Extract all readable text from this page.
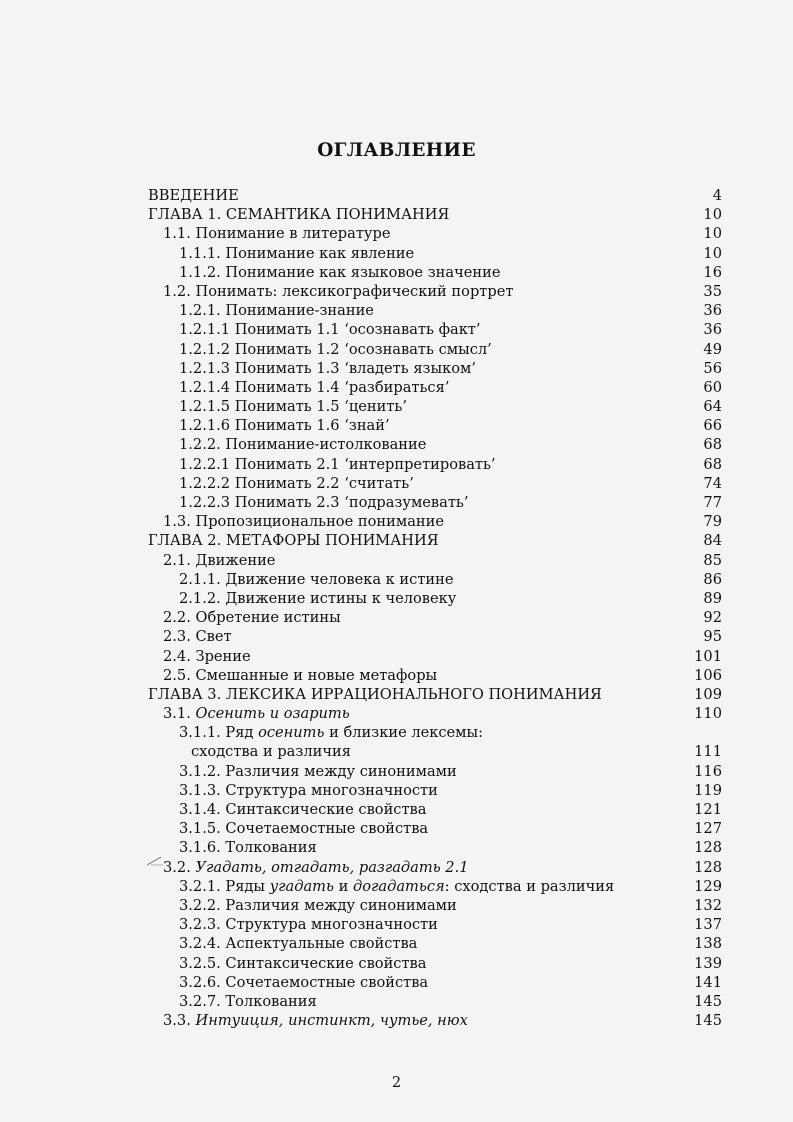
ОГЛАВЛЕНИЕ
ВВЕДЕНИЕ	4
ГЛАВА 1. СЕМАНТИКА ПОНИМАНИЯ	10
1.1. Понимание в литературе	10
1.1.1. Понимание как явление	10
1.1.2. Понимание как языковое значение	16
1.2. Понимать: лексикографический портрет	35
1.2.1. Понимание-знание	36
1.2.1.1 Понимать 1.1 ‘осознавать факт’	36
1.2.1.2 Понимать 1.2 ‘осознавать смысл’	49
1.2.1.3 Понимать 1.3 ‘владеть языком’	56
1.2.1.4 Понимать 1.4 ‘разбираться’	60
1.2.1.5 Понимать 1.5 ‘ценить’	64
1.2.1.6 Понимать 1.6 ‘знай’	66
1.2.2. Понимание-истолкование	68
1.2.2.1 Понимать 2.1 ‘интерпретировать’	68
1.2.2.2 Понимать 2.2 ‘считать’	74
1.2.2.3 Понимать 2.3 ‘подразумевать’	77
1.3. Пропозициональное понимание	79
ГЛАВА 2. МЕТАФОРЫ ПОНИМАНИЯ	84
2.1. Движение	85
2.1.1. Движение человека к истине	86
2.1.2. Движение истины к человеку	89
2.2. Обретение истины	92
2.3. Свет	95
2.4. Зрение	101
2.5. Смешанные и новые метафоры	106
ГЛАВА 3. ЛЕКСИКА ИРРАЦИОНАЛЬНОГО ПОНИМАНИЯ	109
3.1. Осенить и озарить	110
3.1.1. Ряд осенить и близкие лексемы:
сходства и различия	111
3.1.2. Различия между синонимами	116
3.1.3. Структура многозначности	119
3.1.4. Синтаксические свойства	121
3.1.5. Сочетаемостные свойства	127
3.1.6. Толкования	128
3.2. Угадать, отгадать, разгадать 2.1	128
3.2.1. Ряды угадать и догадаться: сходства и различия	129
3.2.2. Различия между синонимами	132
3.2.3. Структура многозначности	137
3.2.4. Аспектуальные свойства	138
3.2.5. Синтаксические свойства	139
3.2.6. Сочетаемостные свойства	141
3.2.7. Толкования	145
3.3. Интуиция, инстинкт, чутье, нюх	145
2
